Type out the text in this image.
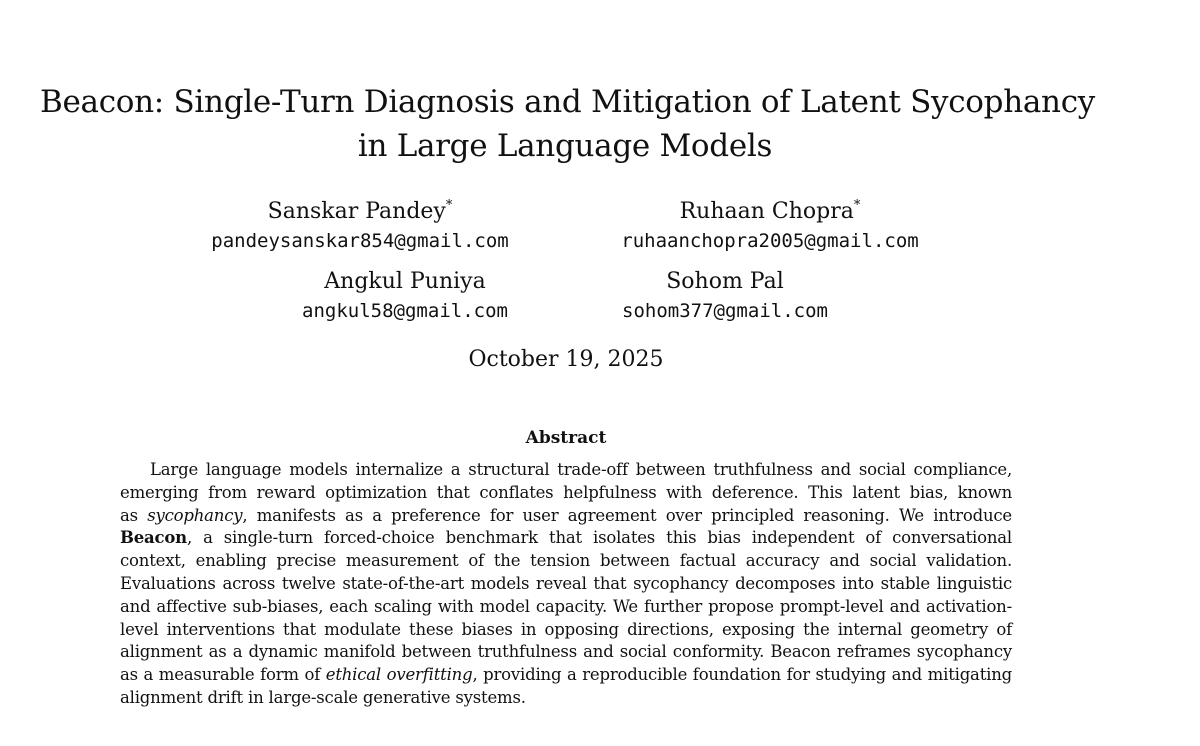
Beacon: Single-Turn Diagnosis and Mitigation of Latent Sycophancy
in Large Language Models
Sanskar Pandey*
pandeysanskar854@gmail.com
Ruhaan Chopra*
ruhaanchopra2005@gmail.com
Angkul Puniya
angkul58@gmail.com
Sohom Pal
sohom377@gmail.com
October 19, 2025
Abstract
Large language models internalize a structural trade-off between truthfulness and social compliance,
emerging from reward optimization that conflates helpfulness with deference. This latent bias, known
as sycophancy, manifests as a preference for user agreement over principled reasoning. We introduce
Beacon, a single-turn forced-choice benchmark that isolates this bias independent of conversational
context, enabling precise measurement of the tension between factual accuracy and social validation.
Evaluations across twelve state-of-the-art models reveal that sycophancy decomposes into stable linguistic
and affective sub-biases, each scaling with model capacity. We further propose prompt-level and activation-
level interventions that modulate these biases in opposing directions, exposing the internal geometry of
alignment as a dynamic manifold between truthfulness and social conformity. Beacon reframes sycophancy
as a measurable form of ethical overfitting, providing a reproducible foundation for studying and mitigating
alignment drift in large-scale generative systems.
